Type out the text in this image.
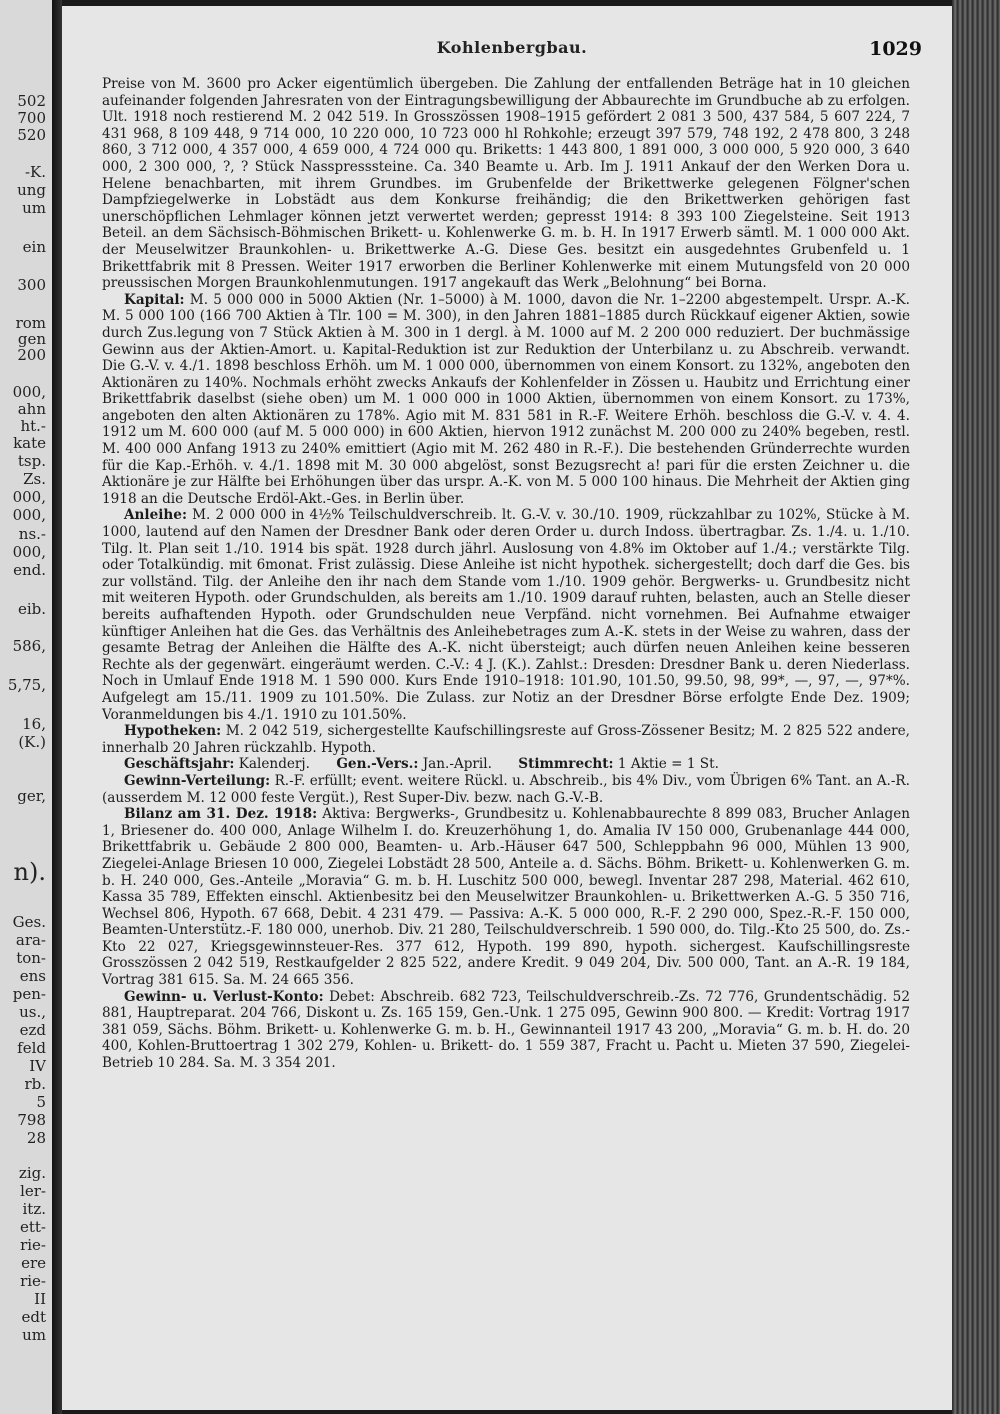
502
700
520
-K.
ung
um
ein
300
rom
gen
200
000,
ahn
ht.-
kate
tsp.
Zs.
000,
000,
ns.-
000,
end.
eib.
586,
5,75,
16,
(K.)
ger,
n).
Ges.
ara-
ton-
ens
pen-
us.,
ezd
feld
IV
rb.
5
798
28
zig.
ler-
itz.
ett-
rie-
ere
rie-
II
edt
um
Kohlenbergbau.	1029

Preise von M. 3600 pro Acker eigentümlich übergeben. Die Zahlung der entfallenden Beträge hat in 10 gleichen aufeinander folgenden Jahresraten von der Eintragungsbewilligung der Abbaurechte im Grundbuche ab zu erfolgen. Ult. 1918 noch restierend M. 2 042 519. In Grosszössen 1908–1915 gefördert 2 081 3 500, 437 584, 5 607 224, 7 431 968, 8 109 448, 9 714 000, 10 220 000, 10 723 000 hl Rohkohle; erzeugt 397 579, 748 192, 2 478 800, 3 248 860, 3 712 000, 4 357 000, 4 659 000, 4 724 000 qu. Briketts: 1 443 800, 1 891 000, 3 000 000, 5 920 000, 3 640 000, 2 300 000, ?, ? Stück Nasspresssteine. Ca. 340 Beamte u. Arb. Im J. 1911 Ankauf der den Werken Dora u. Helene benachbarten, mit ihrem Grundbes. im Grubenfelde der Brikettwerke gelegenen Fölgner'schen Dampfziegelwerke in Lobstädt aus dem Konkurse freihändig; die den Brikettwerken gehörigen fast unerschöpflichen Lehmlager können jetzt verwertet werden; gepresst 1914: 8 393 100 Ziegelsteine. Seit 1913 Beteil. an dem Sächsisch-Böhmischen Brikett- u. Kohlenwerke G. m. b. H. In 1917 Erwerb sämtl. M. 1 000 000 Akt. der Meuselwitzer Braunkohlen- u. Brikettwerke A.-G. Diese Ges. besitzt ein ausgedehntes Grubenfeld u. 1 Brikettfabrik mit 8 Pressen. Weiter 1917 erworben die Berliner Kohlenwerke mit einem Mutungsfeld von 20 000 preussischen Morgen Braunkohlenmutungen. 1917 angekauft das Werk „Belohnung“ bei Borna.

Kapital: M. 5 000 000 in 5000 Aktien (Nr. 1–5000) à M. 1000, davon die Nr. 1–2200 abgestempelt. Urspr. A.-K. M. 5 000 100 (166 700 Aktien à Tlr. 100 = M. 300), in den Jahren 1881–1885 durch Rückkauf eigener Aktien, sowie durch Zus.legung von 7 Stück Aktien à M. 300 in 1 dergl. à M. 1000 auf M. 2 200 000 reduziert. Der buchmässige Gewinn aus der Aktien-Amort. u. Kapital-Reduktion ist zur Reduktion der Unterbilanz u. zu Abschreib. verwandt. Die G.-V. v. 4./1. 1898 beschloss Erhöh. um M. 1 000 000, übernommen von einem Konsort. zu 132%, angeboten den Aktionären zu 140%. Nochmals erhöht zwecks Ankaufs der Kohlenfelder in Zössen u. Haubitz und Errichtung einer Brikettfabrik daselbst (siehe oben) um M. 1 000 000 in 1000 Aktien, übernommen von einem Konsort. zu 173%, angeboten den alten Aktionären zu 178%. Agio mit M. 831 581 in R.-F. Weitere Erhöh. beschloss die G.-V. v. 4. 4. 1912 um M. 600 000 (auf M. 5 000 000) in 600 Aktien, hiervon 1912 zunächst M. 200 000 zu 240% begeben, restl. M. 400 000 Anfang 1913 zu 240% emittiert (Agio mit M. 262 480 in R.-F.). Die bestehenden Gründerrechte wurden für die Kap.-Erhöh. v. 4./1. 1898 mit M. 30 000 abgelöst, sonst Bezugsrecht a! pari für die ersten Zeichner u. die Aktionäre je zur Hälfte bei Erhöhungen über das urspr. A.-K. von M. 5 000 100 hinaus. Die Mehrheit der Aktien ging 1918 an die Deutsche Erdöl-Akt.-Ges. in Berlin über.

Anleihe: M. 2 000 000 in 4½% Teilschuldverschreib. lt. G.-V. v. 30./10. 1909, rückzahlbar zu 102%, Stücke à M. 1000, lautend auf den Namen der Dresdner Bank oder deren Order u. durch Indoss. übertragbar. Zs. 1./4. u. 1./10. Tilg. lt. Plan seit 1./10. 1914 bis spät. 1928 durch jährl. Auslosung von 4.8% im Oktober auf 1./4.; verstärkte Tilg. oder Totalkündig. mit 6monat. Frist zulässig. Diese Anleihe ist nicht hypothek. sichergestellt; doch darf die Ges. bis zur vollständ. Tilg. der Anleihe den ihr nach dem Stande vom 1./10. 1909 gehör. Bergwerks- u. Grundbesitz nicht mit weiteren Hypoth. oder Grundschulden, als bereits am 1./10. 1909 darauf ruhten, belasten, auch an Stelle dieser bereits aufhaftenden Hypoth. oder Grundschulden neue Verpfänd. nicht vornehmen. Bei Aufnahme etwaiger künftiger Anleihen hat die Ges. das Verhältnis des Anleihebetrages zum A.-K. stets in der Weise zu wahren, dass der gesamte Betrag der Anleihen die Hälfte des A.-K. nicht übersteigt; auch dürfen neuen Anleihen keine besseren Rechte als der gegenwärt. eingeräumt werden. C.-V.: 4 J. (K.). Zahlst.: Dresden: Dresdner Bank u. deren Niederlass. Noch in Umlauf Ende 1918 M. 1 590 000. Kurs Ende 1910–1918: 101.90, 101.50, 99.50, 98, 99*, —, 97, —, 97*%. Aufgelegt am 15./11. 1909 zu 101.50%. Die Zulass. zur Notiz an der Dresdner Börse erfolgte Ende Dez. 1909; Voranmeldungen bis 4./1. 1910 zu 101.50%.

Hypotheken: M. 2 042 519, sichergestellte Kaufschillingsreste auf Gross-Zössener Besitz; M. 2 825 522 andere, innerhalb 20 Jahren rückzahlb. Hypoth.

Geschäftsjahr: Kalenderj. Gen.-Vers.: Jan.-April. Stimmrecht: 1 Aktie = 1 St.

Gewinn-Verteilung: R.-F. erfüllt; event. weitere Rückl. u. Abschreib., bis 4% Div., vom Übrigen 6% Tant. an A.-R. (ausserdem M. 12 000 feste Vergüt.), Rest Super-Div. bezw. nach G.-V.-B.

Bilanz am 31. Dez. 1918: Aktiva: Bergwerks-, Grundbesitz u. Kohlenabbaurechte 8 899 083, Brucher Anlagen 1, Briesener do. 400 000, Anlage Wilhelm I. do. Kreuzerhöhung 1, do. Amalia IV 150 000, Grubenanlage 444 000, Brikettfabrik u. Gebäude 2 800 000, Beamten- u. Arb.-Häuser 647 500, Schleppbahn 96 000, Mühlen 13 900, Ziegelei-Anlage Briesen 10 000, Ziegelei Lobstädt 28 500, Anteile a. d. Sächs. Böhm. Brikett- u. Kohlenwerken G. m. b. H. 240 000, Ges.-Anteile „Moravia“ G. m. b. H. Luschitz 500 000, bewegl. Inventar 287 298, Material. 462 610, Kassa 35 789, Effekten einschl. Aktienbesitz bei den Meuselwitzer Braunkohlen- u. Brikettwerken A.-G. 5 350 716, Wechsel 806, Hypoth. 67 668, Debit. 4 231 479. — Passiva: A.-K. 5 000 000, R.-F. 2 290 000, Spez.-R.-F. 150 000, Beamten-Unterstütz.-F. 180 000, unerhob. Div. 21 280, Teilschuldverschreib. 1 590 000, do. Tilg.-Kto 25 500, do. Zs.-Kto 22 027, Kriegsgewinnsteuer-Res. 377 612, Hypoth. 199 890, hypoth. sichergest. Kaufschillingsreste Grosszössen 2 042 519, Restkaufgelder 2 825 522, andere Kredit. 9 049 204, Div. 500 000, Tant. an A.-R. 19 184, Vortrag 381 615. Sa. M. 24 665 356.

Gewinn- u. Verlust-Konto: Debet: Abschreib. 682 723, Teilschuldverschreib.-Zs. 72 776, Grundentschädig. 52 881, Hauptreparat. 204 766, Diskont u. Zs. 165 159, Gen.-Unk. 1 275 095, Gewinn 900 800. — Kredit: Vortrag 1917 381 059, Sächs. Böhm. Brikett- u. Kohlenwerke G. m. b. H., Gewinnanteil 1917 43 200, „Moravia“ G. m. b. H. do. 20 400, Kohlen-Bruttoertrag 1 302 279, Kohlen- u. Brikett- do. 1 559 387, Fracht u. Pacht u. Mieten 37 590, Ziegelei-Betrieb 10 284. Sa. M. 3 354 201.
